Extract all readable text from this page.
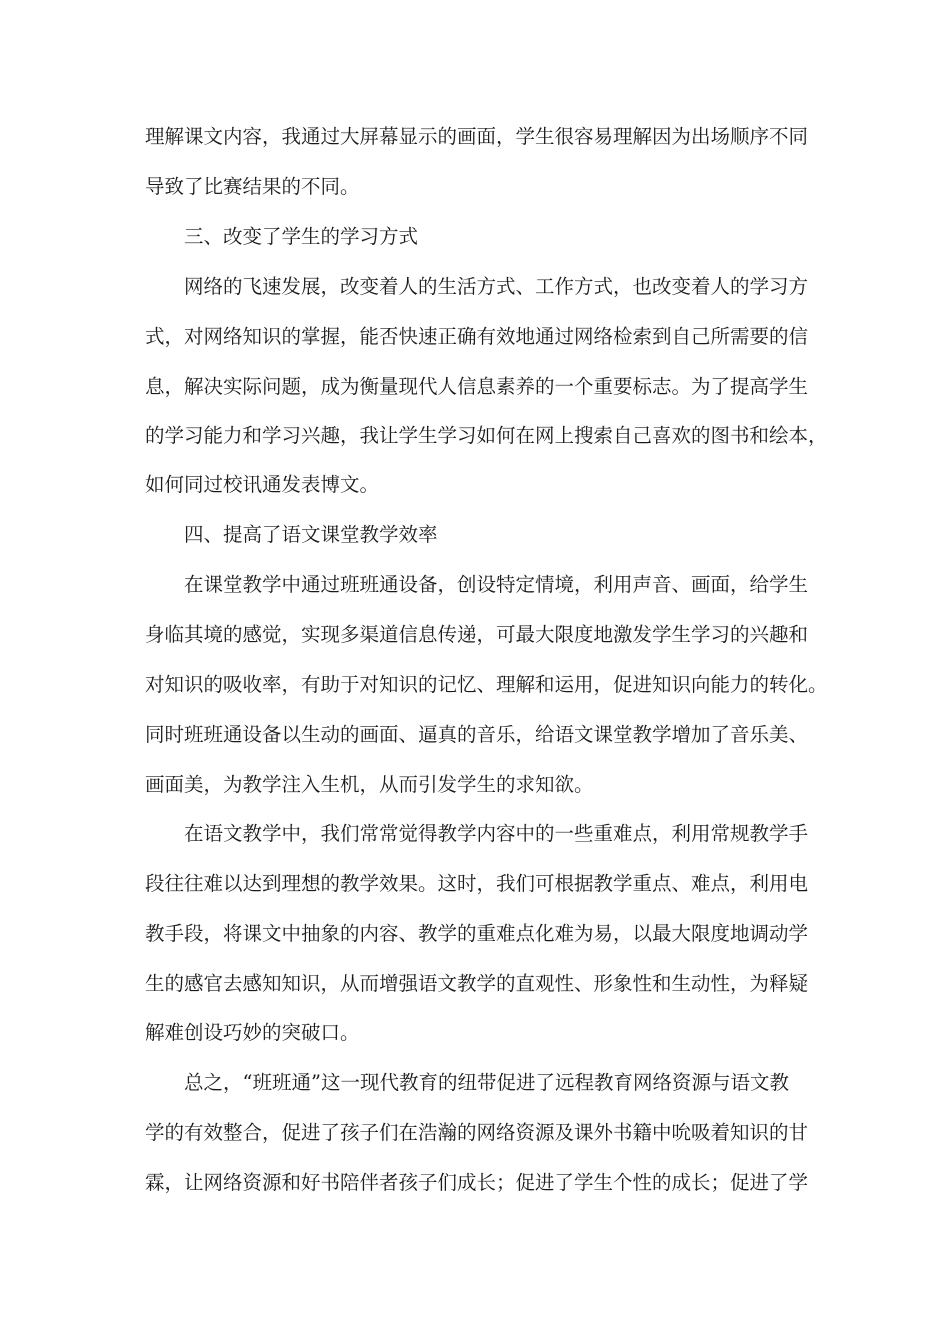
理解课文内容，我通过大屏幕显示的画面，学生很容易理解因为出场顺序不同
导致了比赛结果的不同。
三、改变了学生的学习方式
网络的飞速发展，改变着人的生活方式、工作方式，也改变着人的学习方
式，对网络知识的掌握，能否快速正确有效地通过网络检索到自己所需要的信
息，解决实际问题，成为衡量现代人信息素养的一个重要标志。为了提高学生
的学习能力和学习兴趣，我让学生学习如何在网上搜索自己喜欢的图书和绘本，
如何同过校讯通发表博文。
四、提高了语文课堂教学效率
在课堂教学中通过班班通设备，创设特定情境，利用声音、画面，给学生
身临其境的感觉，实现多渠道信息传递，可最大限度地激发学生学习的兴趣和
对知识的吸收率，有助于对知识的记忆、理解和运用，促进知识向能力的转化。
同时班班通设备以生动的画面、逼真的音乐，给语文课堂教学增加了音乐美、
画面美，为教学注入生机，从而引发学生的求知欲。
在语文教学中，我们常常觉得教学内容中的一些重难点，利用常规教学手
段往往难以达到理想的教学效果。这时，我们可根据教学重点、难点，利用电
教手段，将课文中抽象的内容、教学的重难点化难为易，以最大限度地调动学
生的感官去感知知识，从而增强语文教学的直观性、形象性和生动性，为释疑
解难创设巧妙的突破口。
总之，“班班通”这一现代教育的纽带促进了远程教育网络资源与语文教
学的有效整合，促进了孩子们在浩瀚的网络资源及课外书籍中吮吸着知识的甘
霖，让网络资源和好书陪伴者孩子们成长；促进了学生个性的成长；促进了学
